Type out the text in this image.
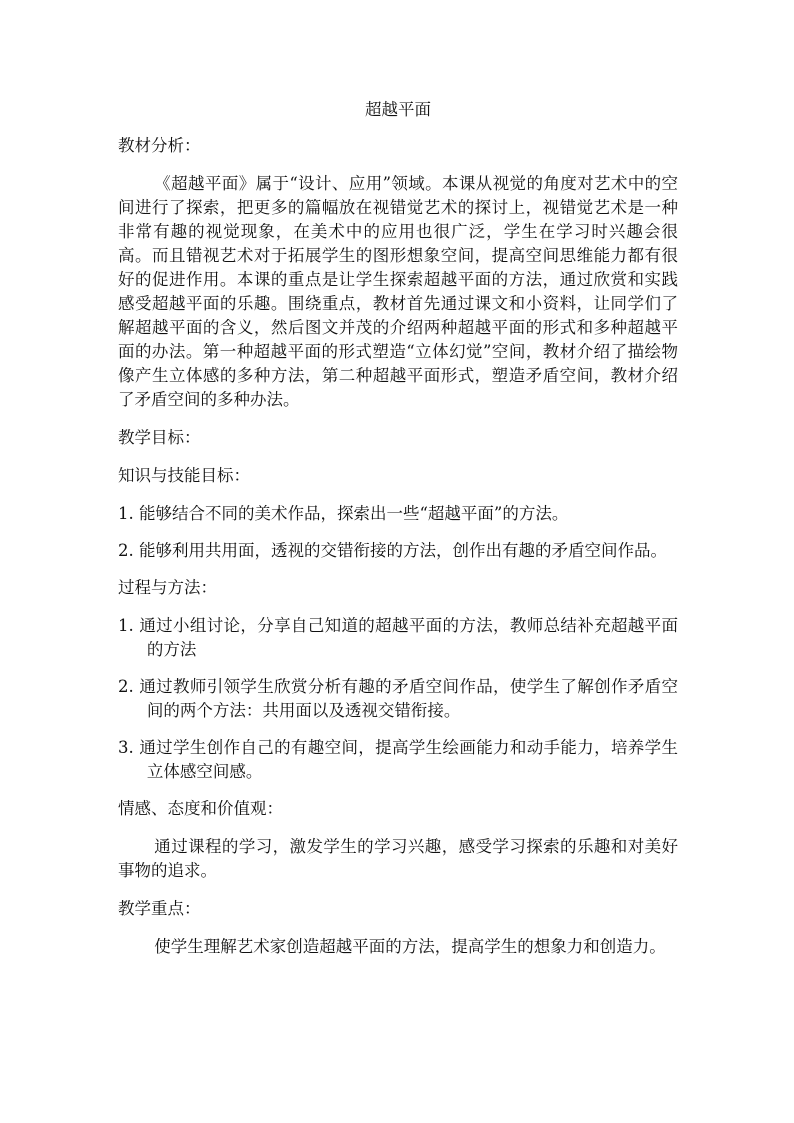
超越平面
教材分析：
《超越平面》属于“设计、应用”领域。本课从视觉的角度对艺术中的空间进行了探索，把更多的篇幅放在视错觉艺术的探讨上，视错觉艺术是一种非常有趣的视觉现象，在美术中的应用也很广泛，学生在学习时兴趣会很高。而且错视艺术对于拓展学生的图形想象空间，提高空间思维能力都有很好的促进作用。本课的重点是让学生探索超越平面的方法，通过欣赏和实践感受超越平面的乐趣。围绕重点，教材首先通过课文和小资料，让同学们了解超越平面的含义，然后图文并茂的介绍两种超越平面的形式和多种超越平面的办法。第一种超越平面的形式塑造“立体幻觉”空间，教材介绍了描绘物像产生立体感的多种方法，第二种超越平面形式，塑造矛盾空间，教材介绍了矛盾空间的多种办法。
教学目标：
知识与技能目标：
1. 能够结合不同的美术作品，探索出一些“超越平面”的方法。
2. 能够利用共用面，透视的交错衔接的方法，创作出有趣的矛盾空间作品。
过程与方法：
1. 通过小组讨论，分享自己知道的超越平面的方法，教师总结补充超越平面的方法
2. 通过教师引领学生欣赏分析有趣的矛盾空间作品，使学生了解创作矛盾空间的两个方法：共用面以及透视交错衔接。
3. 通过学生创作自己的有趣空间，提高学生绘画能力和动手能力，培养学生立体感空间感。
情感、态度和价值观：
通过课程的学习，激发学生的学习兴趣，感受学习探索的乐趣和对美好事物的追求。
教学重点：
使学生理解艺术家创造超越平面的方法，提高学生的想象力和创造力。
